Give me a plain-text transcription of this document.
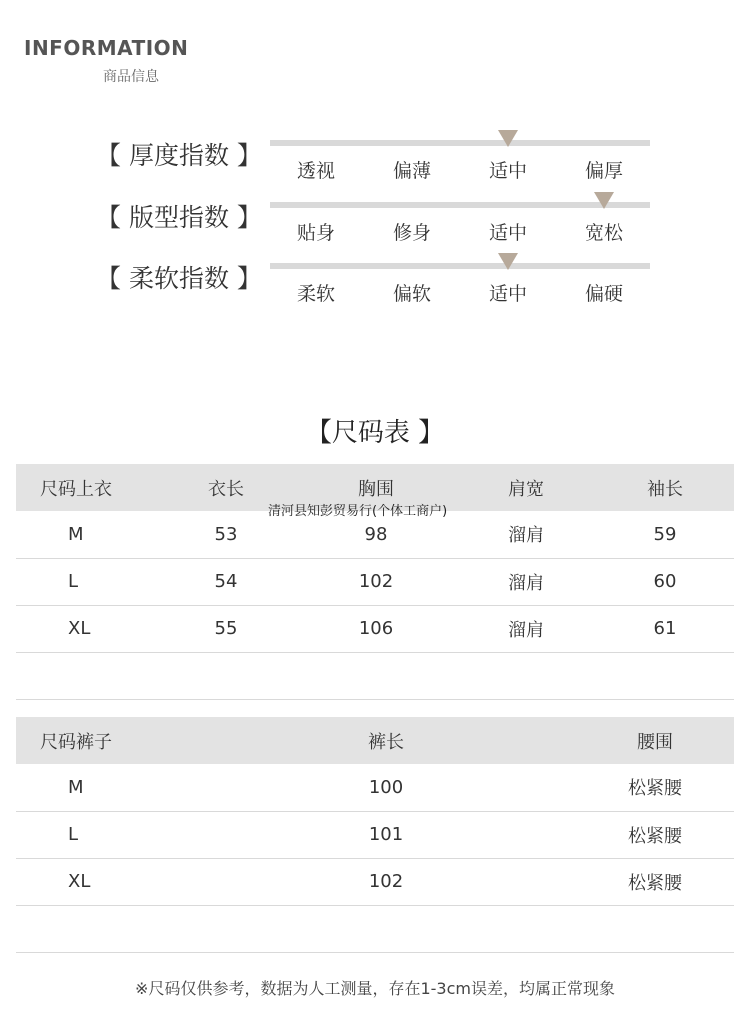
INFORMATION
商品信息
【 厚度指数 】
透视	偏薄	适中	偏厚
【 版型指数 】
贴身	修身	适中	宽松
【 柔软指数 】
柔软	偏软	适中	偏硬
【尺码表 】
尺码上衣	衣长	胸围	肩宽	袖长
M	53	98	溜肩	59
L	54	102	溜肩	60
XL	55	106	溜肩	61

清河县知彭贸易行(个体工商户)
尺码裤子	裤长	腰围
M	100	松紧腰
L	101	松紧腰
XL	102	松紧腰

※尺码仅供参考，数据为人工测量，存在1-3cm误差，均属正常现象
